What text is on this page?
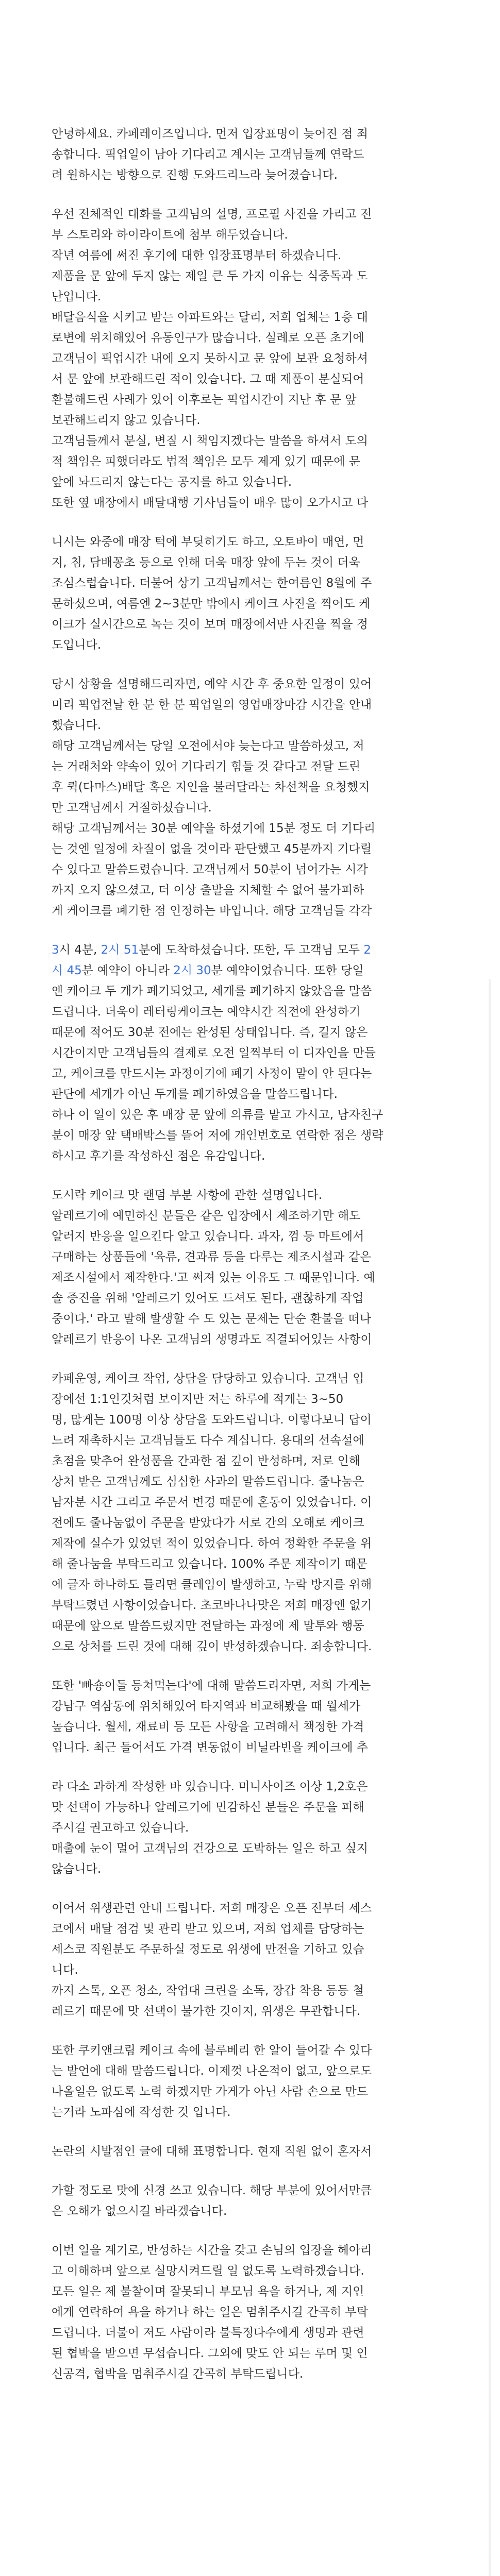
안녕하세요. 카페레이즈입니다. 먼저 입장표명이 늦어진 점 죄
송합니다. 픽업일이 남아 기다리고 계시는 고객님들께 연락드
려 원하시는 방향으로 진행 도와드리느라 늦어졌습니다.

우선 전체적인 대화를 고객님의 설명, 프로필 사진을 가리고 전
부 스토리와 하이라이트에 첨부 해두었습니다.
작년 여름에 써진 후기에 대한 입장표명부터 하겠습니다.
제품을 문 앞에 두지 않는 제일 큰 두 가지 이유는 식중독과 도
난입니다.
배달음식을 시키고 받는 아파트와는 달리, 저희 업체는 1층 대
로변에 위치해있어 유동인구가 많습니다. 실례로 오픈 초기에
고객님이 픽업시간 내에 오지 못하시고 문 앞에 보관 요청하셔
서 문 앞에 보관해드린 적이 있습니다. 그 때 제품이 분실되어
환불해드린 사례가 있어 이후로는 픽업시간이 지난 후 문 앞
보관해드리지 않고 있습니다.
고객님들께서 분실, 변질 시 책임지겠다는 말씀을 하셔서 도의
적 책임은 피했더라도 법적 책임은 모두 제게 있기 때문에 문
앞에 놔드리지 않는다는 공지를 하고 있습니다.
또한 옆 매장에서 배달대행 기사님들이 매우 많이 오가시고 다

니시는 와중에 매장 턱에 부딪히기도 하고, 오토바이 매연, 먼
지, 침, 담배꽁초 등으로 인해 더욱 매장 앞에 두는 것이 더욱
조심스럽습니다. 더불어 상기 고객님께서는 한여름인 8월에 주
문하셨으며, 여름엔 2~3분만 밖에서 케이크 사진을 찍어도 케
이크가 실시간으로 녹는 것이 보며 매장에서만 사진을 찍을 정
도입니다.

당시 상황을 설명해드리자면, 예약 시간 후 중요한 일정이 있어
미리 픽업전날 한 분 한 분 픽업일의 영업매장마감 시간을 안내
했습니다.
해당 고객님께서는 당일 오전에서야 늦는다고 말씀하셨고, 저
는 거래처와 약속이 있어 기다리기 힘들 것 같다고 전달 드린
후 퀵(다마스)배달 혹은 지인을 불러달라는 차선책을 요청했지
만 고객님께서 거절하셨습니다.
해당 고객님께서는 30분 예약을 하셨기에 15분 정도 더 기다리
는 것엔 일정에 차질이 없을 것이라 판단했고 45분까지 기다릴
수 있다고 말씀드렸습니다. 고객님께서 50분이 넘어가는 시각
까지 오지 않으셨고, 더 이상 출발을 지체할 수 없어 불가피하
게 케이크를 폐기한 점 인정하는 바입니다. 해당 고객님들 각각

3시 4분, 2시 51분에 도착하셨습니다. 또한, 두 고객님 모두 2
시 45분 예약이 아니라 2시 30분 예약이었습니다. 또한 당일
엔 케이크 두 개가 폐기되었고, 세개를 폐기하지 않았음을 말씀
드립니다. 더욱이 레터링케이크는 예약시간 직전에 완성하기
때문에 적어도 30분 전에는 완성된 상태입니다. 즉, 길지 않은
시간이지만 고객님들의 결제로 오전 일찍부터 이 디자인을 만들
고, 케이크를 만드시는 과정이기에 폐기 사정이 말이 안 된다는
판단에 세개가 아닌 두개를 폐기하였음을 말씀드립니다.
하나 이 일이 있은 후 매장 문 앞에 의류를 맡고 가시고, 남자친구
분이 매장 앞 택배박스를 뜯어 저에 개인번호로 연락한 점은 생략
하시고 후기를 작성하신 점은 유감입니다.

도시락 케이크 맛 랜덤 부분 사항에 관한 설명입니다.
알레르기에 예민하신 분들은 같은 입장에서 제조하기만 해도
알러지 반응을 일으킨다 알고 있습니다. 과자, 껌 등 마트에서
구매하는 상품들에 '육류, 견과류 등을 다루는 제조시설과 같은
제조시설에서 제작한다.'고 써져 있는 이유도 그 때문입니다. 예
솔 증진을 위해 '알레르기 있어도 드셔도 된다, 괜찮하게 작업
중이다.' 라고 말해 발생할 수 도 있는 문제는 단순 환불을 떠나
알레르기 반응이 나온 고객님의 생명과도 직결되어있는 사항이

카페운영, 케이크 작업, 상담을 담당하고 있습니다. 고객님 입
장에선 1:1인것처럼 보이지만 저는 하루에 적게는 3~50
명, 많게는 100명 이상 상담을 도와드립니다. 이렇다보니 답이
느려 재촉하시는 고객님들도 다수 계십니다. 용대의 선속설에
초점을 맞추어 완성품을 간과한 점 깊이 반성하며, 저로 인해
상처 받은 고객님께도 심심한 사과의 말씀드립니다. 줄나눔은
남자분 시간 그리고 주문서 변경 때문에 혼동이 있었습니다. 이
전에도 줄나눔없이 주문을 받았다가 서로 간의 오해로 케이크
제작에 실수가 있었던 적이 있었습니다. 하여 정확한 주문을 위
해 줄나눔을 부탁드리고 있습니다. 100% 주문 제작이기 때문
에 글자 하나하도 틀리면 클레임이 발생하고, 누락 방지를 위해
부탁드렸던 사항이었습니다. 초코바나나맛은 저희 매장엔 없기
때문에 앞으로 말씀드렸지만 전달하는 과정에 제 말투와 행동
으로 상처를 드린 것에 대해 깊이 반성하겠습니다. 죄송합니다.

또한 '빠숑이들 등쳐먹는다'에 대해 말씀드리자면, 저희 가게는
강남구 역삼동에 위치해있어 타지역과 비교해봤을 때 월세가
높습니다. 월세, 재료비 등 모든 사항을 고려해서 책정한 가격
입니다. 최근 들어서도 가격 변동없이 비닐라빈을 케이크에 추

라 다소 과하게 작성한 바 있습니다. 미니사이즈 이상 1,2호은
맛 선택이 가능하나 알레르기에 민감하신 분들은 주문을 피해
주시길 권고하고 있습니다.
매출에 눈이 멀어 고객님의 건강으로 도박하는 일은 하고 싶지
않습니다.

이어서 위생관련 안내 드립니다. 저희 매장은 오픈 전부터 세스
코에서 매달 점검 및 관리 받고 있으며, 저희 업체를 담당하는
세스코 직원분도 주문하실 정도로 위생에 만전을 기하고 있습
니다.
까지 스톡, 오픈 청소, 작업대 크린을 소독, 장갑 착용 등등 철
레르기 때문에 맛 선택이 불가한 것이지, 위생은 무관합니다.

또한 쿠키앤크림 케이크 속에 블루베리 한 알이 들어갈 수 있다
는 발언에 대해 말씀드립니다. 이제껏 나온적이 없고, 앞으로도
나올일은 없도록 노력 하겠지만 가게가 아닌 사람 손으로 만드
는거라 노파심에 작성한 것 입니다.

논란의 시발점인 글에 대해 표명합니다. 현재 직원 없이 혼자서

가할 정도로 맛에 신경 쓰고 있습니다. 해당 부분에 있어서만큼
은 오해가 없으시길 바라겠습니다.

이번 일을 계기로, 반성하는 시간을 갖고 손님의 입장을 헤아리
고 이해하며 앞으로 실망시켜드릴 일 없도록 노력하겠습니다.
모든 일은 제 불찰이며 잘못되니 부모님 욕을 하거나, 제 지인
에게 연락하여 욕을 하거나 하는 일은 멈춰주시길 간곡히 부탁
드립니다. 더불어 저도 사람이라 불특정다수에게 생명과 관련
된 협박을 받으면 무섭습니다. 그외에 맞도 안 되는 루머 및 인
신공격, 협박을 멈춰주시길 간곡히 부탁드립니다.
